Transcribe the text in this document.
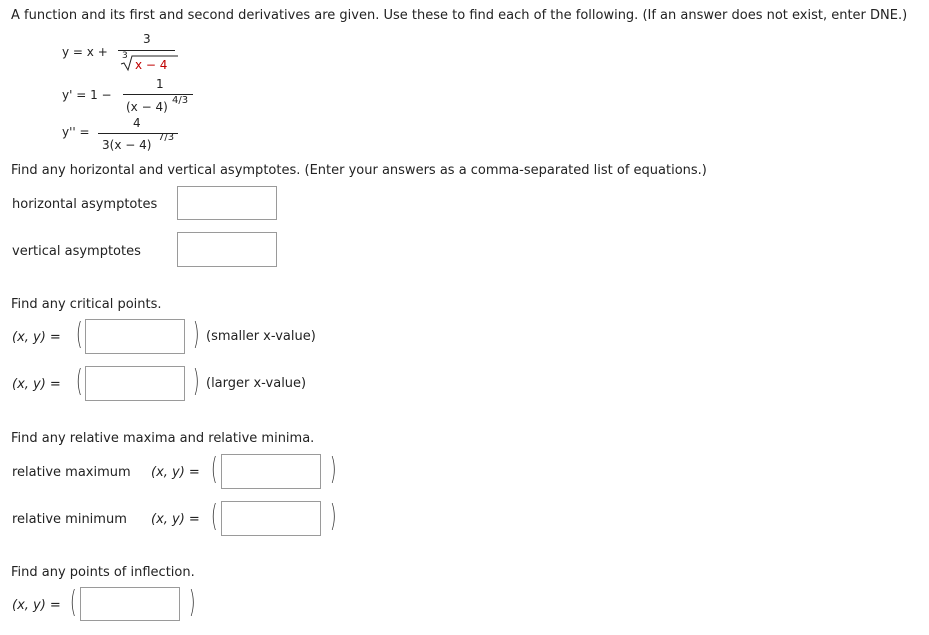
A function and its first and second derivatives are given. Use these to find each of the following. (If an answer does not exist, enter DNE.)
y = x +
3
3
x − 4
y' = 1 −
1
(x − 4) 4/3
y'' =
4
3(x − 4)
7/3
Find any horizontal and vertical asymptotes. (Enter your answers as a comma-separated list of equations.)
horizontal asymptotes
vertical asymptotes
Find any critical points.
(x, y) = (	) (smaller x-value)
(x, y) = (	) (larger x-value)
Find any relative maxima and relative minima.
relative maximum (x, y) = (	)
relative minimum (x, y) = (	)
Find any points of inflection.
(x, y) = (	)
